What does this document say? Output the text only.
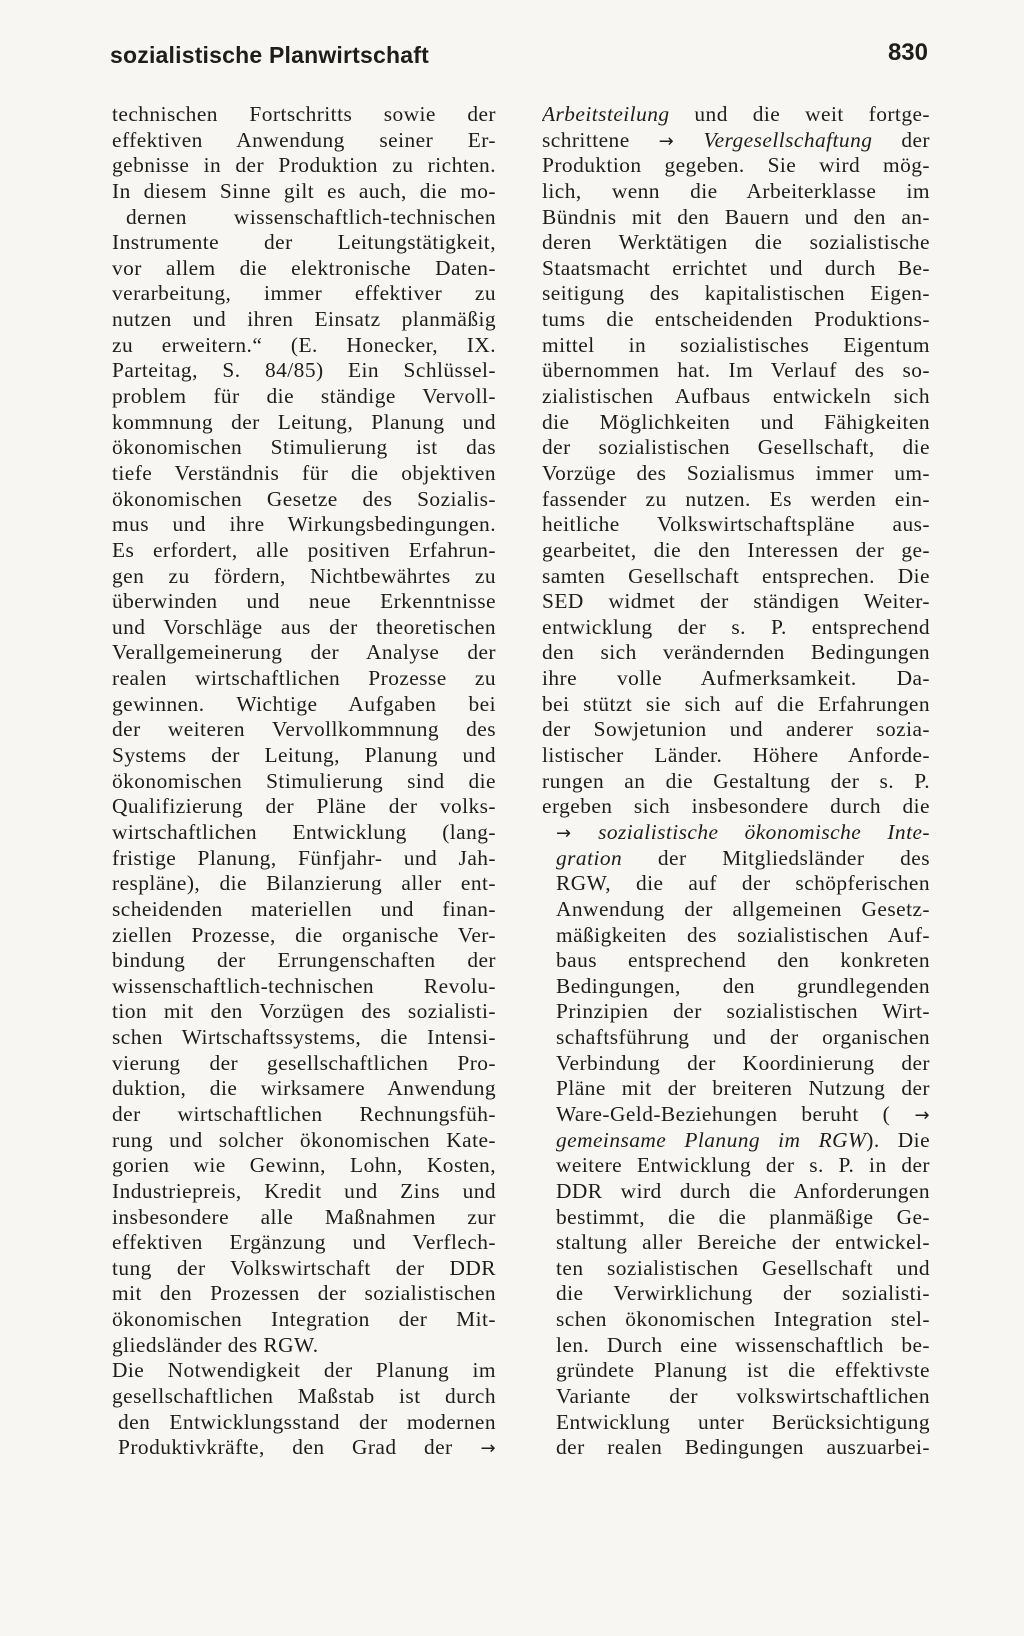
sozialistische Planwirtschaft	830
technischen Fortschritts sowie der
effektiven Anwendung seiner Er-
gebnisse in der Produktion zu richten.
In diesem Sinne gilt es auch, die mo-
dernen wissenschaftlich-technischen
Instrumente der Leitungstätigkeit,
vor allem die elektronische Daten-
verarbeitung, immer effektiver zu
nutzen und ihren Einsatz planmäßig
zu erweitern.“ (E. Honecker, IX.
Parteitag, S. 84/85) Ein Schlüssel-
problem für die ständige Vervoll-
kommnung der Leitung, Planung und
ökonomischen Stimulierung ist das
tiefe Verständnis für die objektiven
ökonomischen Gesetze des Sozialis-
mus und ihre Wirkungsbedingungen.
Es erfordert, alle positiven Erfahrun-
gen zu fördern, Nichtbewährtes zu
überwinden und neue Erkenntnisse
und Vorschläge aus der theoretischen
Verallgemeinerung der Analyse der
realen wirtschaftlichen Prozesse zu
gewinnen. Wichtige Aufgaben bei
der weiteren Vervollkommnung des
Systems der Leitung, Planung und
ökonomischen Stimulierung sind die
Qualifizierung der Pläne der volks-
wirtschaftlichen Entwicklung (lang-
fristige Planung, Fünfjahr- und Jah-
respläne), die Bilanzierung aller ent-
scheidenden materiellen und finan-
ziellen Prozesse, die organische Ver-
bindung der Errungenschaften der
wissenschaftlich-technischen Revolu-
tion mit den Vorzügen des sozialisti-
schen Wirtschaftssystems, die Intensi-
vierung der gesellschaftlichen Pro-
duktion, die wirksamere Anwendung
der wirtschaftlichen Rechnungsfüh-
rung und solcher ökonomischen Kate-
gorien wie Gewinn, Lohn, Kosten,
Industriepreis, Kredit und Zins und
insbesondere alle Maßnahmen zur
effektiven Ergänzung und Verflech-
tung der Volkswirtschaft der DDR
mit den Prozessen der sozialistischen
ökonomischen Integration der Mit-
gliedsländer des RGW.
Die Notwendigkeit der Planung im
gesellschaftlichen Maßstab ist durch
den Entwicklungsstand der modernen
Produktivkräfte, den Grad der →
Arbeitsteilung und die weit fortge-
schrittene → Vergesellschaftung der
Produktion gegeben. Sie wird mög-
lich, wenn die Arbeiterklasse im
Bündnis mit den Bauern und den an-
deren Werktätigen die sozialistische
Staatsmacht errichtet und durch Be-
seitigung des kapitalistischen Eigen-
tums die entscheidenden Produktions-
mittel in sozialistisches Eigentum
übernommen hat. Im Verlauf des so-
zialistischen Aufbaus entwickeln sich
die Möglichkeiten und Fähigkeiten
der sozialistischen Gesellschaft, die
Vorzüge des Sozialismus immer um-
fassender zu nutzen. Es werden ein-
heitliche Volkswirtschaftspläne aus-
gearbeitet, die den Interessen der ge-
samten Gesellschaft entsprechen. Die
SED widmet der ständigen Weiter-
entwicklung der s. P. entsprechend
den sich verändernden Bedingungen
ihre volle Aufmerksamkeit. Da-
bei stützt sie sich auf die Erfahrungen
der Sowjetunion und anderer sozia-
listischer Länder. Höhere Anforde-
rungen an die Gestaltung der s. P.
ergeben sich insbesondere durch die
→ sozialistische ökonomische Inte-
gration der Mitgliedsländer des
RGW, die auf der schöpferischen
Anwendung der allgemeinen Gesetz-
mäßigkeiten des sozialistischen Auf-
baus entsprechend den konkreten
Bedingungen, den grundlegenden
Prinzipien der sozialistischen Wirt-
schaftsführung und der organischen
Verbindung der Koordinierung der
Pläne mit der breiteren Nutzung der
Ware-Geld-Beziehungen beruht ( →
gemeinsame Planung im RGW). Die
weitere Entwicklung der s. P. in der
DDR wird durch die Anforderungen
bestimmt, die die planmäßige Ge-
staltung aller Bereiche der entwickel-
ten sozialistischen Gesellschaft und
die Verwirklichung der sozialisti-
schen ökonomischen Integration stel-
len. Durch eine wissenschaftlich be-
gründete Planung ist die effektivste
Variante der volkswirtschaftlichen
Entwicklung unter Berücksichtigung
der realen Bedingungen auszuarbei-
